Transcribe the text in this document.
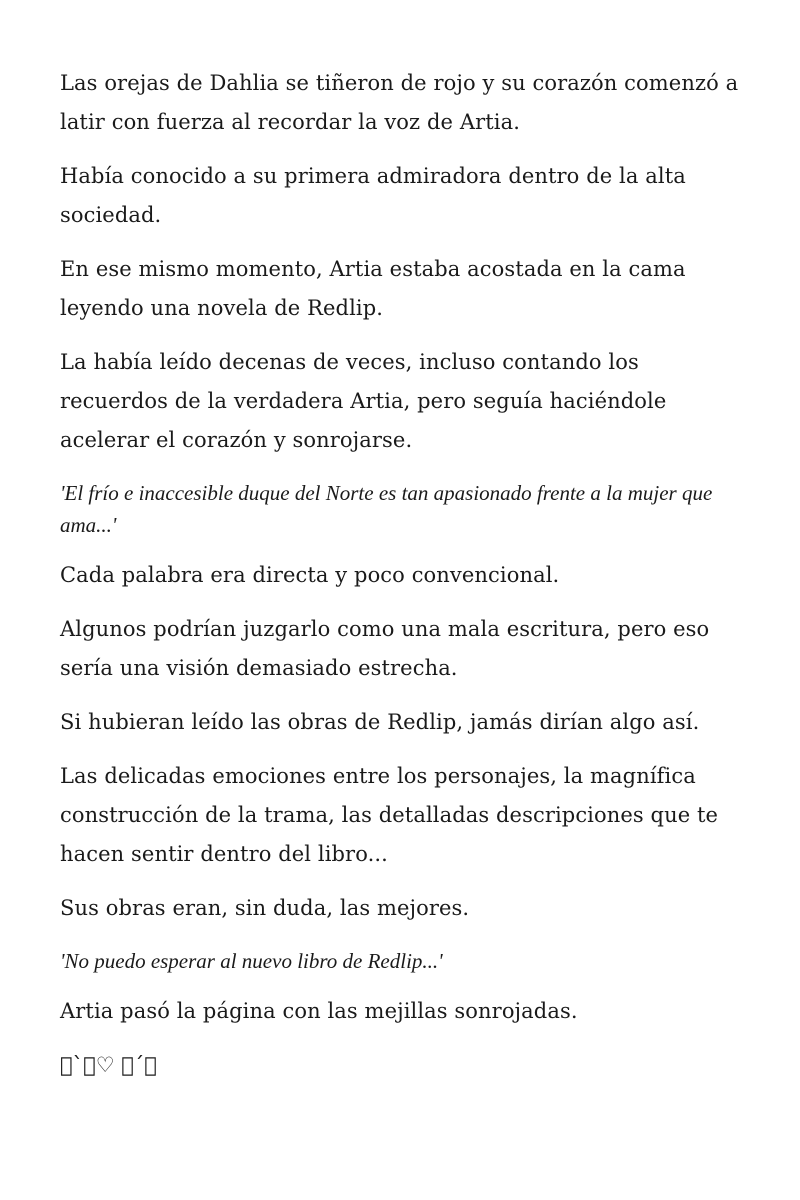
Las orejas de Dahlia se tiñeron de rojo y su corazón comenzó a latir con fuerza al recordar la voz de Artia.

Había conocido a su primera admiradora dentro de la alta sociedad.

En ese mismo momento, Artia estaba acostada en la cama leyendo una novela de Redlip.

La había leído decenas de veces, incluso contando los recuerdos de la verdadera Artia, pero seguía haciéndole acelerar el corazón y sonrojarse.

'El frío e inaccesible duque del Norte es tan apasionado frente a la mujer que ama...'

Cada palabra era directa y poco convencional.

Algunos podrían juzgarlo como una mala escritura, pero eso sería una visión demasiado estrecha.

Si hubieran leído las obras de Redlip, jamás dirían algo así.

Las delicadas emociones entre los personajes, la magnífica construcción de la trama, las detalladas descripciones que te hacen sentir dentro del libro...

Sus obras eran, sin duda, las mejores.

'No puedo esperar al nuevo libro de Redlip...'

Artia pasó la página con las mejillas sonrojadas.

 ` ♡  ´ 
